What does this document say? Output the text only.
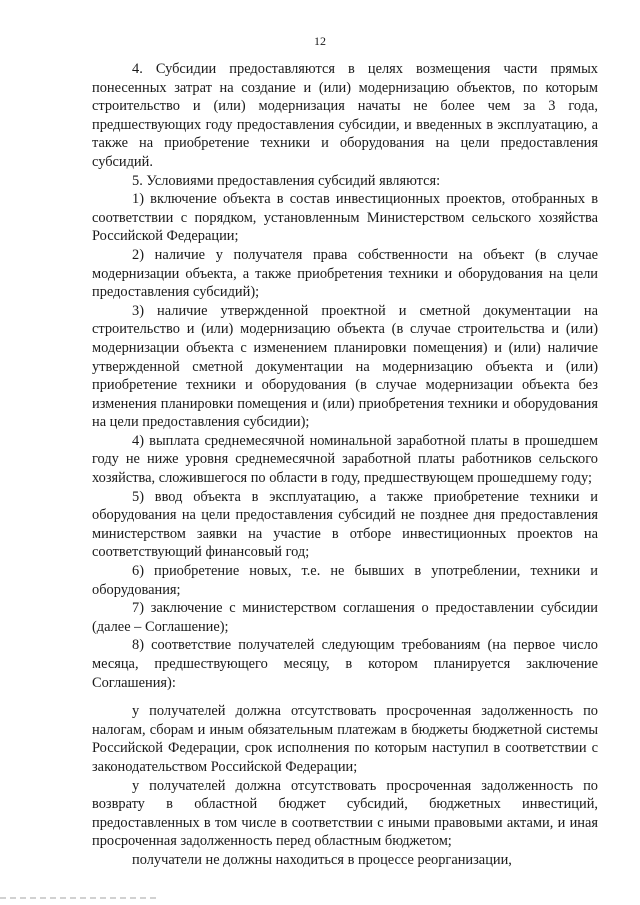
12

4. Субсидии предоставляются в целях возмещения части прямых понесенных затрат на создание и (или) модернизацию объектов, по которым строительство и (или) модернизация начаты не более чем за 3 года, предшествующих году предоставления субсидии, и введенных в эксплуатацию, а также на приобретение техники и оборудования на цели предоставления субсидий.

5. Условиями предоставления субсидий являются:

1) включение объекта в состав инвестиционных проектов, отобранных в соответствии с порядком, установленным Министерством сельского хозяйства Российской Федерации;

2) наличие у получателя права собственности на объект (в случае модернизации объекта, а также приобретения техники и оборудования на цели предоставления субсидий);

3) наличие утвержденной проектной и сметной документации на строительство и (или) модернизацию объекта (в случае строительства и (или) модернизации объекта с изменением планировки помещения) и (или) наличие утвержденной сметной документации на модернизацию объекта и (или) приобретение техники и оборудования (в случае модернизации объекта без изменения планировки помещения и (или) приобретения техники и оборудования на цели предоставления субсидии);

4) выплата среднемесячной номинальной заработной платы в прошедшем году не ниже уровня среднемесячной заработной платы работников сельского хозяйства, сложившегося по области в году, предшествующем прошедшему году;

5) ввод объекта в эксплуатацию, а также приобретение техники и оборудования на цели предоставления субсидий не позднее дня предоставления министерством заявки на участие в отборе инвестиционных проектов на соответствующий финансовый год;

6) приобретение новых, т.е. не бывших в употреблении, техники и оборудования;

7) заключение с министерством соглашения о предоставлении субсидии (далее – Соглашение);

8) соответствие получателей следующим требованиям (на первое число месяца, предшествующего месяцу, в котором планируется заключение Соглашения):

у получателей должна отсутствовать просроченная задолженность по налогам, сборам и иным обязательным платежам в бюджеты бюджетной системы Российской Федерации, срок исполнения по которым наступил в соответствии с законодательством Российской Федерации;

у получателей должна отсутствовать просроченная задолженность по возврату в областной бюджет субсидий, бюджетных инвестиций, предоставленных в том числе в соответствии с иными правовыми актами, и иная просроченная задолженность перед областным бюджетом;

получатели не должны находиться в процессе реорганизации,
